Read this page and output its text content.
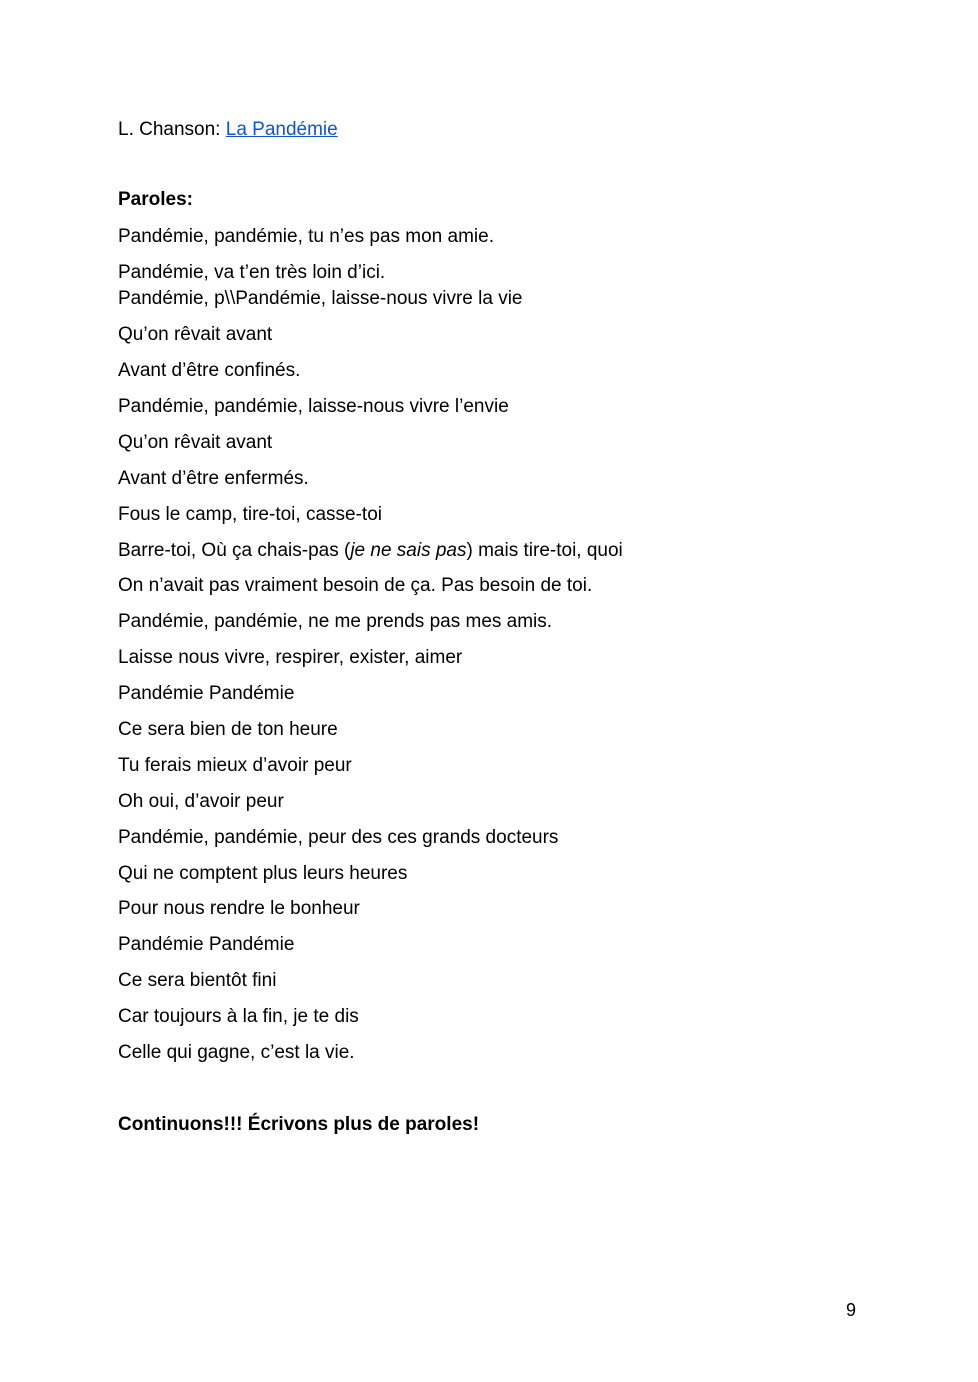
L. Chanson: La Pandémie
Paroles:
Pandémie, pandémie, tu n’es pas mon amie.
Pandémie, va t’en très loin d’ici.
Pandémie, p\\Pandémie, laisse-nous vivre la vie
Qu’on rêvait avant
Avant d’être confinés.
Pandémie, pandémie, laisse-nous vivre l’envie
Qu’on rêvait avant
Avant d’être enfermés.
Fous le camp, tire-toi, casse-toi
Barre-toi, Où ça chais-pas (je ne sais pas) mais tire-toi, quoi
On n’avait pas vraiment besoin de ça. Pas besoin de toi.
Pandémie, pandémie, ne me prends pas mes amis.
Laisse nous vivre, respirer, exister, aimer
Pandémie Pandémie
Ce sera bien de ton heure
Tu ferais mieux d’avoir peur
Oh oui, d’avoir peur
Pandémie, pandémie, peur des ces grands docteurs
Qui ne comptent plus leurs heures
Pour nous rendre le bonheur
Pandémie Pandémie
Ce sera bientôt fini
Car toujours à la fin, je te dis
Celle qui gagne, c’est la vie.
Continuons!!! Écrivons plus de paroles!
9
